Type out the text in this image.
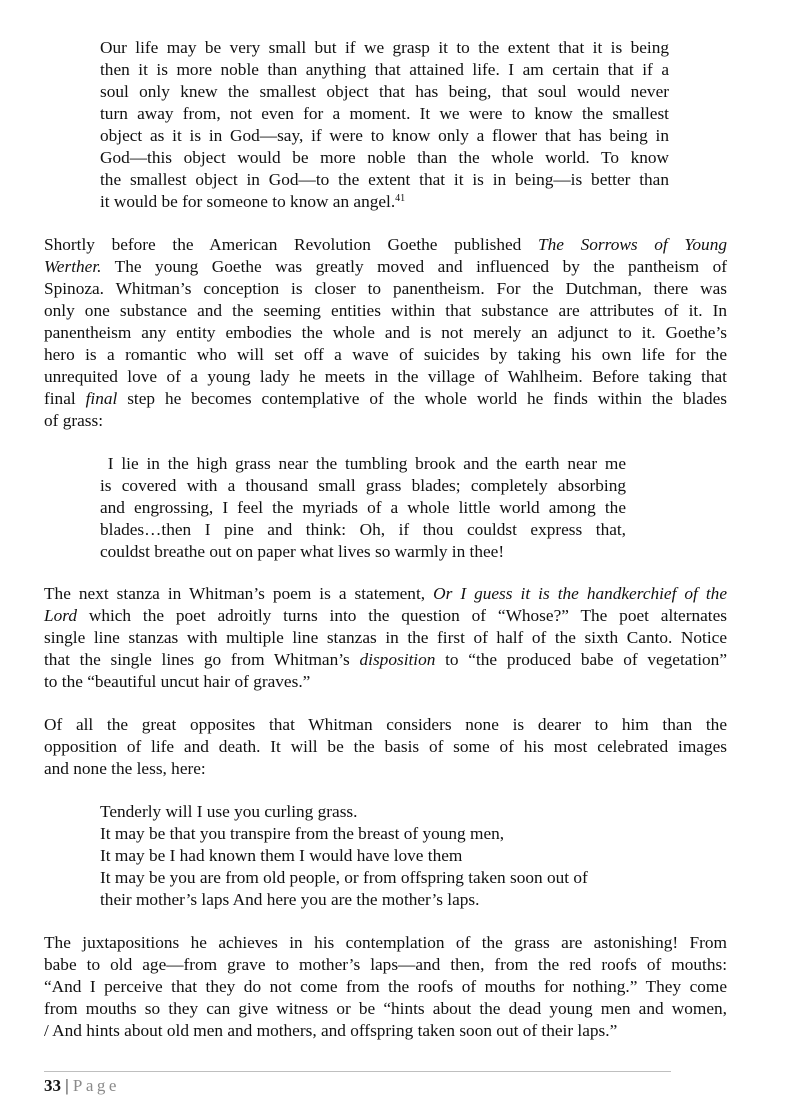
Our life may be very small but if we grasp it to the extent that it is being
then it is more noble than anything that attained life. I am certain that if a
soul only knew the smallest object that has being, that soul would never
turn away from, not even for a moment. It we were to know the smallest
object as it is in God—say, if were to know only a flower that has being in
God—this object would be more noble than the whole world. To know
the smallest object in God—to the extent that it is in being—is better than
it would be for someone to know an angel.$^{41}$
Shortly before the American Revolution Goethe published The Sorrows of Young
Werther. The young Goethe was greatly moved and influenced by the pantheism of
Spinoza. Whitman’s conception is closer to panentheism. For the Dutchman, there was
only one substance and the seeming entities within that substance are attributes of it. In
panentheism any entity embodies the whole and is not merely an adjunct to it. Goethe’s
hero is a romantic who will set off a wave of suicides by taking his own life for the
unrequited love of a young lady he meets in the village of Wahlheim. Before taking that
final final step he becomes contemplative of the whole world he finds within the blades
of grass:
I lie in the high grass near the tumbling brook and the earth near me
is covered with a thousand small grass blades; completely absorbing
and engrossing, I feel the myriads of a whole little world among the
blades…then I pine and think: Oh, if thou couldst express that,
couldst breathe out on paper what lives so warmly in thee!
The next stanza in Whitman’s poem is a statement, Or I guess it is the handkerchief of the
Lord which the poet adroitly turns into the question of “Whose?” The poet alternates
single line stanzas with multiple line stanzas in the first of half of the sixth Canto. Notice
that the single lines go from Whitman’s disposition to “the produced babe of vegetation”
to the “beautiful uncut hair of graves.”
Of all the great opposites that Whitman considers none is dearer to him than the
opposition of life and death. It will be the basis of some of his most celebrated images
and none the less, here:
Tenderly will I use you curling grass.
It may be that you transpire from the breast of young men,
It may be I had known them I would have love them
It may be you are from old people, or from offspring taken soon out of
their mother’s laps And here you are the mother’s laps.
The juxtapositions he achieves in his contemplation of the grass are astonishing! From
babe to old age—from grave to mother’s laps—and then, from the red roofs of mouths:
“And I perceive that they do not come from the roofs of mouths for nothing.” They come
from mouths so they can give witness or be “hints about the dead young men and women,
/ And hints about old men and mothers, and offspring taken soon out of their laps.”
33 | Page
